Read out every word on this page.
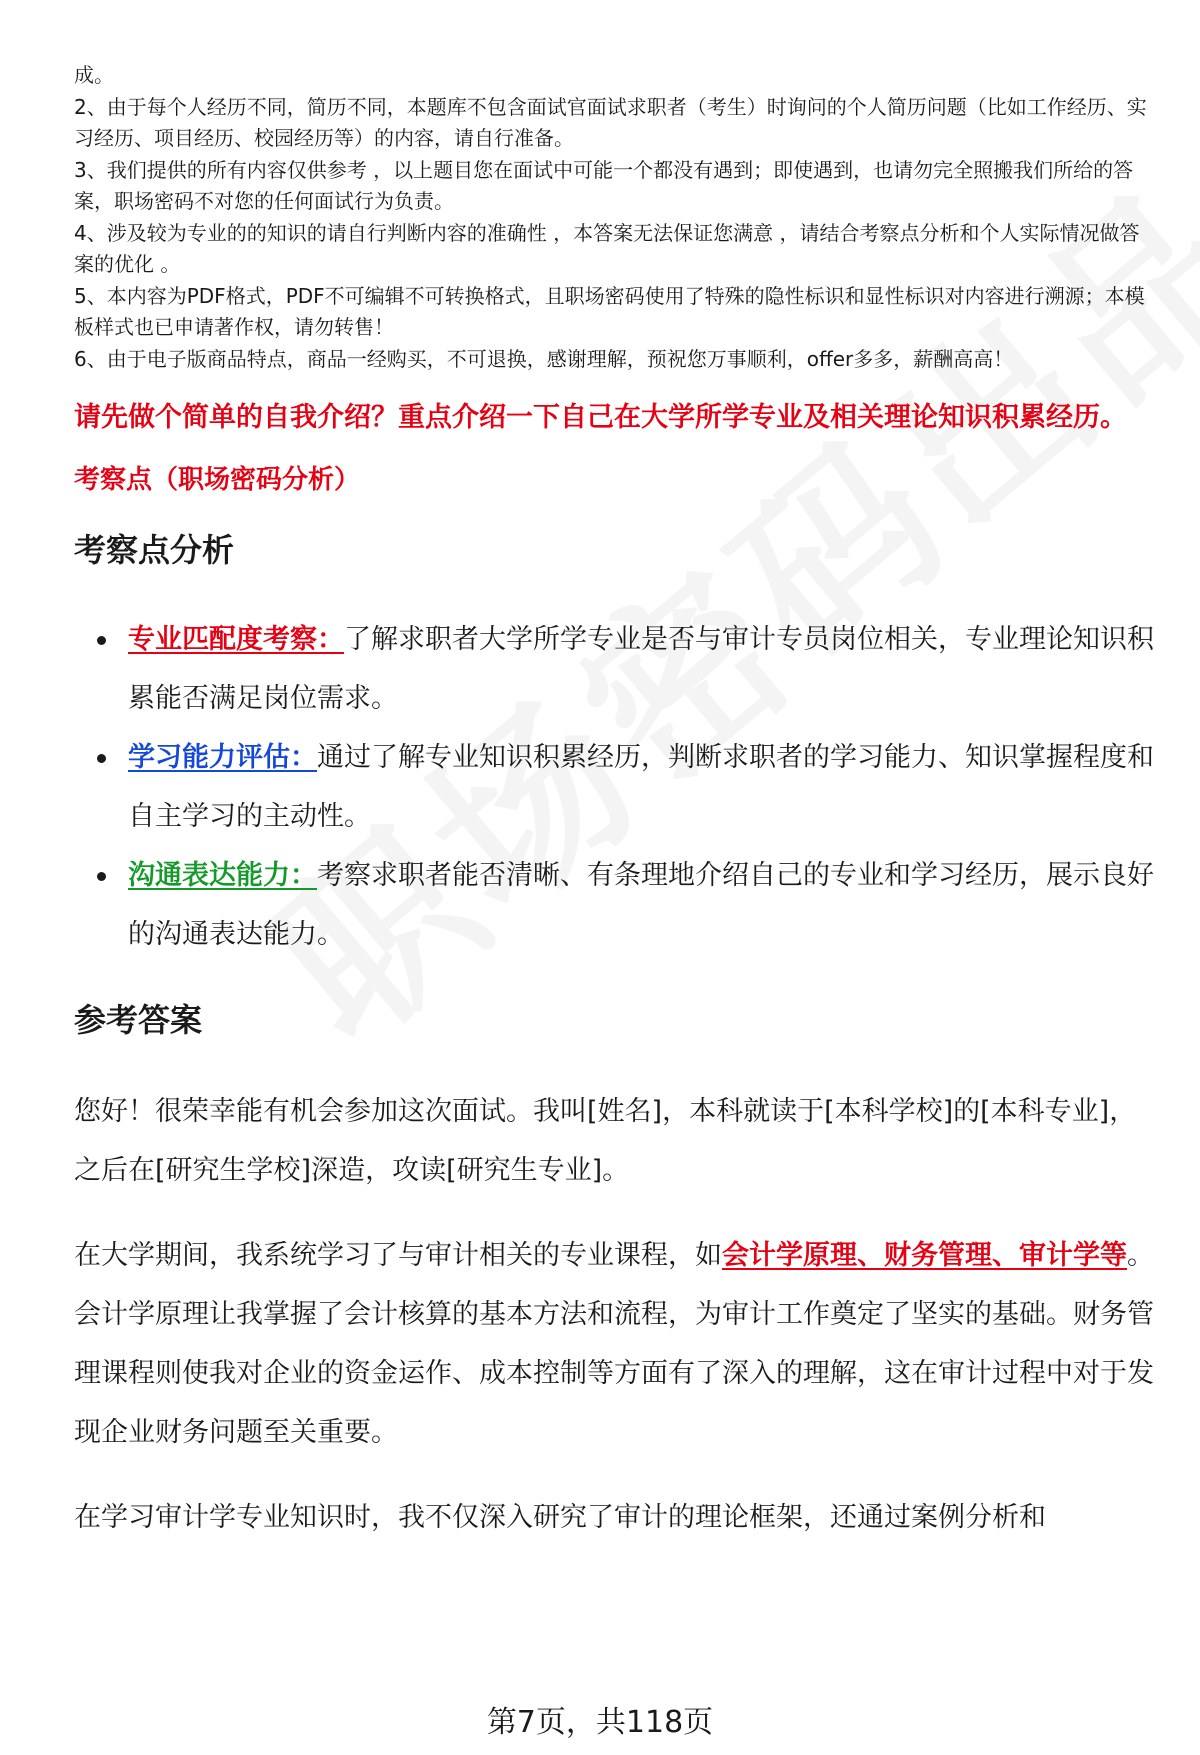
成。

2、由于每个人经历不同，简历不同，本题库不包含面试官面试求职者（考生）时询问的个人简历问题（比如工作经历、实习经历、项目经历、校园经历等）的内容，请自行准备。

3、我们提供的所有内容仅供参考 ，以上题目您在面试中可能一个都没有遇到；即使遇到，也请勿完全照搬我们所给的答案，职场密码不对您的任何面试行为负责。

4、涉及较为专业的的知识的请自行判断内容的准确性 ，本答案无法保证您满意 ，请结合考察点分析和个人实际情况做答案的优化 。

5、本内容为PDF格式，PDF不可编辑不可转换格式，且职场密码使用了特殊的隐性标识和显性标识对内容进行溯源；本模板样式也已申请著作权，请勿转售！

6、由于电子版商品特点，商品一经购买，不可退换，感谢理解，预祝您万事顺利，offer多多，薪酬高高！

请先做个简单的自我介绍？重点介绍一下自己在大学所学专业及相关理论知识积累经历。
考察点（职场密码分析）
考察点分析
专业匹配度考察：了解求职者大学所学专业是否与审计专员岗位相关，专业理论知识积累能否满足岗位需求。
学习能力评估：通过了解专业知识积累经历，判断求职者的学习能力、知识掌握程度和自主学习的主动性。
沟通表达能力：考察求职者能否清晰、有条理地介绍自己的专业和学习经历，展示良好的沟通表达能力。
参考答案

您好！很荣幸能有机会参加这次面试。我叫[姓名]，本科就读于[本科学校]的[本科专业]，之后在[研究生学校]深造，攻读[研究生专业]。

在大学期间，我系统学习了与审计相关的专业课程，如会计学原理、财务管理、审计学等。会计学原理让我掌握了会计核算的基本方法和流程，为审计工作奠定了坚实的基础。财务管理课程则使我对企业的资金运作、成本控制等方面有了深入的理解，这在审计过程中对于发现企业财务问题至关重要。

在学习审计学专业知识时，我不仅深入研究了审计的理论框架，还通过案例分析和

第7页，共118页
